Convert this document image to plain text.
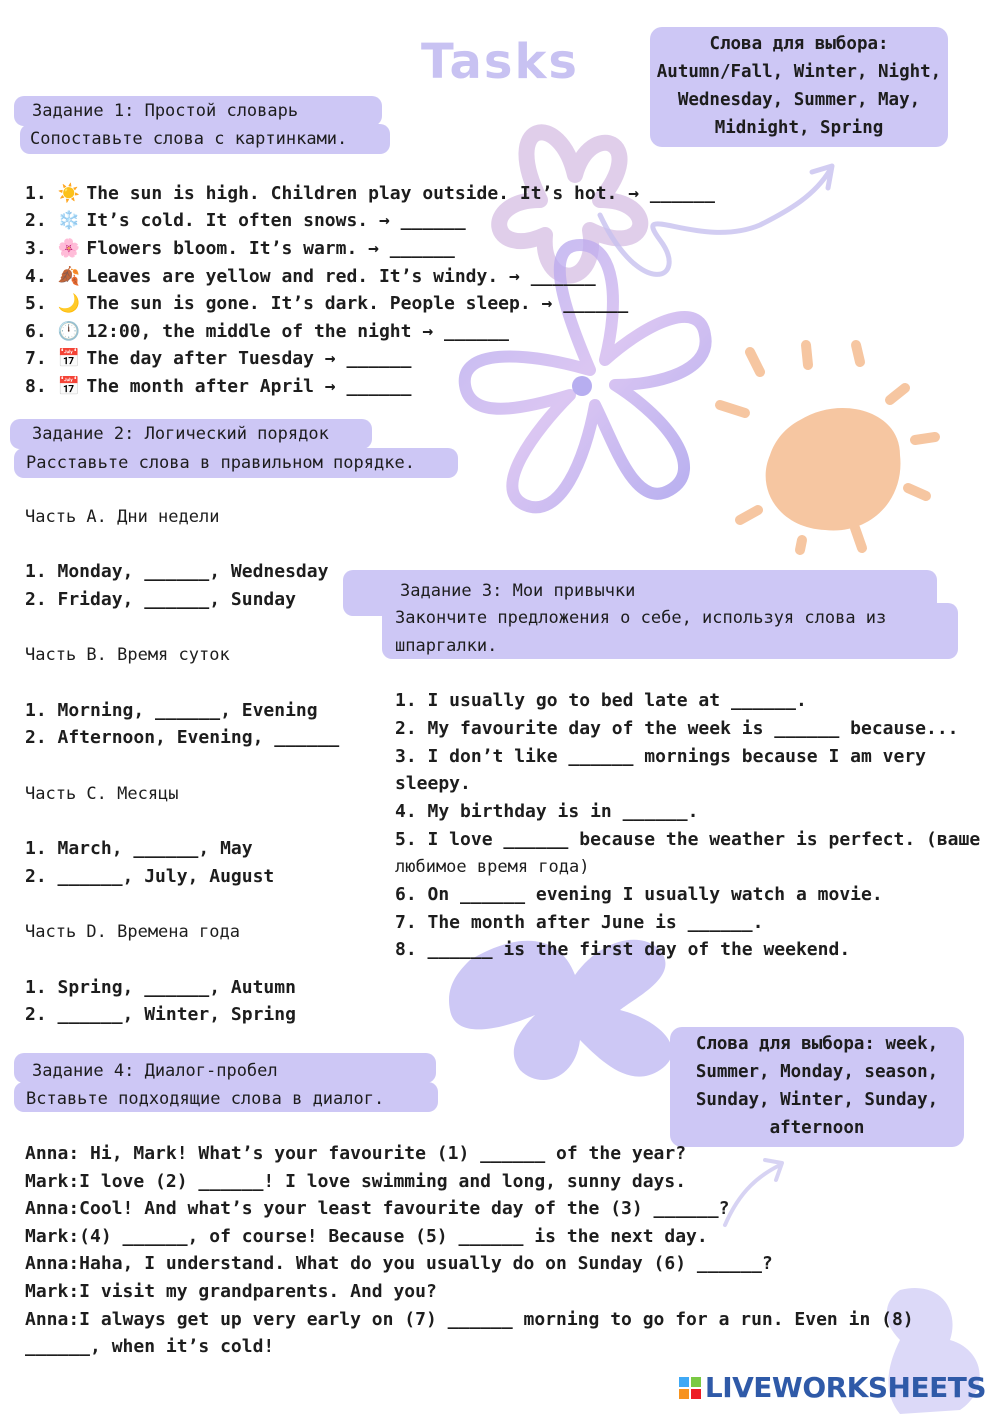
Tasks	Слова для выбора:
Autumn/Fall, Winter, Night,
Wednesday, Summer, May,
Midnight, Spring
Задание 1: Простой словарь
Сопоставьте слова с картинками.
1. ☀️ The sun is high. Children play outside. It’s hot. → ______
2. ❄️ It’s cold. It often snows. → ______
3. 🌸 Flowers bloom. It’s warm. → ______
4. 🍂 Leaves are yellow and red. It’s windy. → ______
5. 🌙 The sun is gone. It’s dark. People sleep. → ______
6. 🕛 12:00, the middle of the night → ______
7. 📅 The day after Tuesday → ______
8. 📅 The month after April → ______
Задание 2: Логический порядок
Расставьте слова в правильном порядке.
Часть A. Дни недели
1. Monday, ______, Wednesday
2. Friday, ______, Sunday
Часть B. Время суток
1. Morning, ______, Evening
2. Afternoon, Evening, ______
Часть C. Месяцы
1. March, ______, May
2. ______, July, August
Часть D. Времена года
1. Spring, ______, Autumn
2. ______, Winter, Spring
Задание 3: Мои привычки
Закончите предложения о себе, используя слова из
шпаргалки.
1. I usually go to bed late at ______.
2. My favourite day of the week is ______ because...
3. I don’t like ______ mornings because I am very
sleepy.
4. My birthday is in ______.
5. I love ______ because the weather is perfect. (ваше
любимое время года)
6. On ______ evening I usually watch a movie.
7. The month after June is ______.
8. ______ is the first day of the weekend.
Слова для выбора: week,
Summer, Monday, season,
Sunday, Winter, Sunday,
afternoon
Задание 4: Диалог-пробел
Вставьте подходящие слова в диалог.
Anna: Hi, Mark! What’s your favourite (1) ______ of the year?
Mark:I love (2) ______! I love swimming and long, sunny days.
Anna:Cool! And what’s your least favourite day of the (3) ______?
Mark:(4) ______, of course! Because (5) ______ is the next day.
Anna:Haha, I understand. What do you usually do on Sunday (6) ______?
Mark:I visit my grandparents. And you?
Anna:I always get up very early on (7) ______ morning to go for a run. Even in (8)
______, when it’s cold!
LIVEWORKSHEETS
